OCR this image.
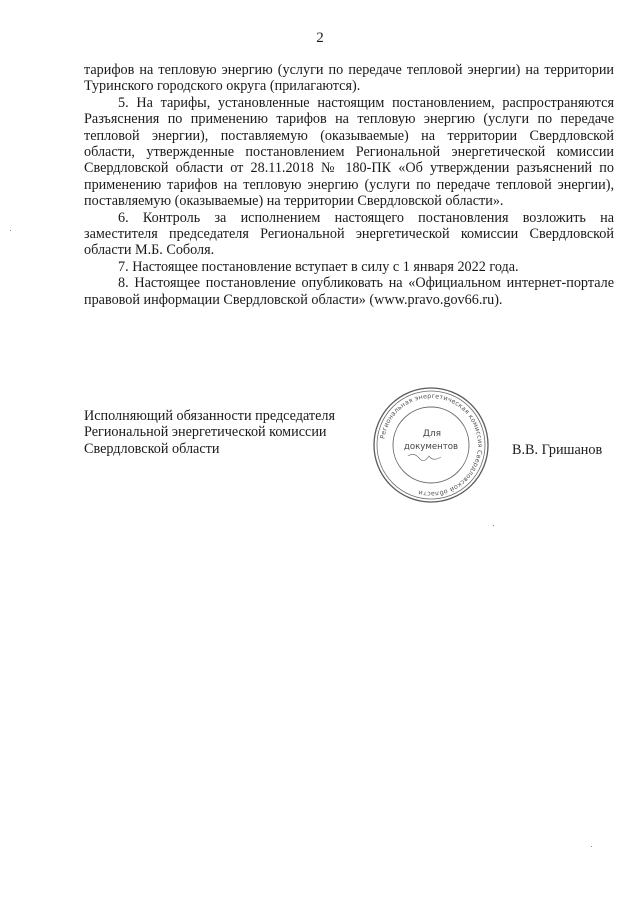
2

тарифов на тепловую энергию (услуги по передаче тепловой энергии) на территории Туринского городского округа (прилагаются).

5. На тарифы, установленные настоящим постановлением, распространяются Разъяснения по применению тарифов на тепловую энергию (услуги по передаче тепловой энергии), поставляемую (оказываемые) на территории Свердловской области, утвержденные постановлением Региональной энергетической комиссии Свердловской области от 28.11.2018 № 180-ПК «Об утверждении разъяснений по применению тарифов на тепловую энергию (услуги по передаче тепловой энергии), поставляемую (оказываемые) на территории Свердловской области».

6. Контроль за исполнением настоящего постановления возложить на заместителя председателя Региональной энергетической комиссии Свердловской области М.Б. Соболя.

7. Настоящее постановление вступает в силу с 1 января 2022 года.

8. Настоящее постановление опубликовать на «Официальном интернет-портале правовой информации Свердловской области» (www.pravo.gov66.ru).

Исполняющий обязанности председателя
Региональной энергетической комиссии
Свердловской области
Региональная энергетическая комиссия Свердловской области
Для
документов	В.В. Гришанов
